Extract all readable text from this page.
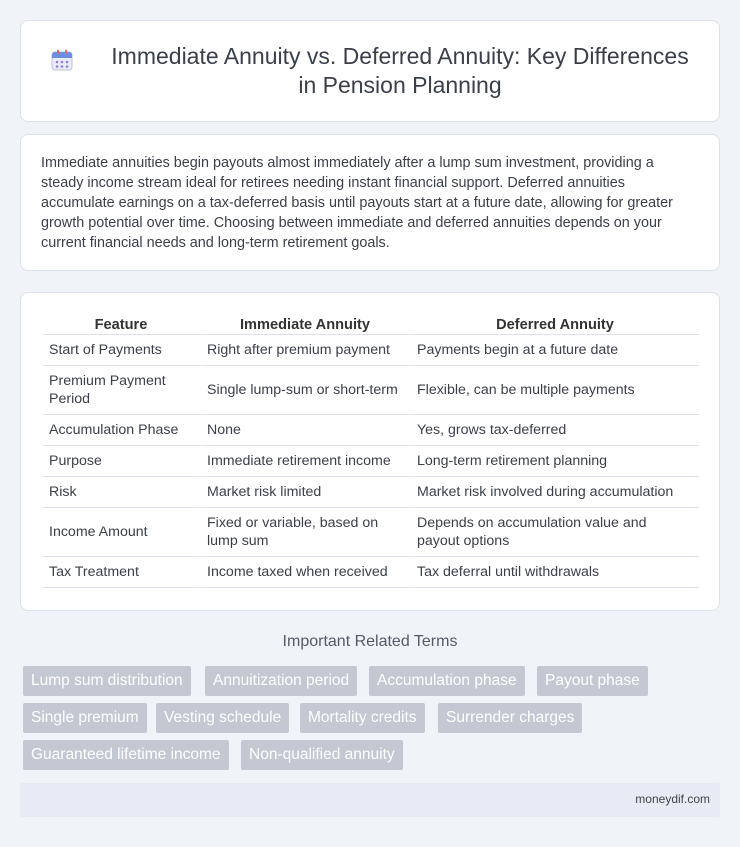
Immediate Annuity vs. Deferred Annuity: Key Differences in Pension Planning

Immediate annuities begin payouts almost immediately after a lump sum investment, providing a steady income stream ideal for retirees needing instant financial support. Deferred annuities accumulate earnings on a tax-deferred basis until payouts start at a future date, allowing for greater growth potential over time. Choosing between immediate and deferred annuities depends on your current financial needs and long-term retirement goals.

Feature	Immediate Annuity	Deferred Annuity
Start of Payments	Right after premium payment	Payments begin at a future date
Premium Payment Period	Single lump-sum or short-term	Flexible, can be multiple payments
Accumulation Phase	None	Yes, grows tax-deferred
Purpose	Immediate retirement income	Long-term retirement planning
Risk	Market risk limited	Market risk involved during accumulation
Income Amount	Fixed or variable, based on lump sum	Depends on accumulation value and payout options
Tax Treatment	Income taxed when received	Tax deferral until withdrawals
Important Related Terms
Lump sum distribution	Annuitization period	Accumulation phase	Payout phase
Single premium	Vesting schedule	Mortality credits	Surrender charges
Guaranteed lifetime income	Non-qualified annuity
moneydif.com
